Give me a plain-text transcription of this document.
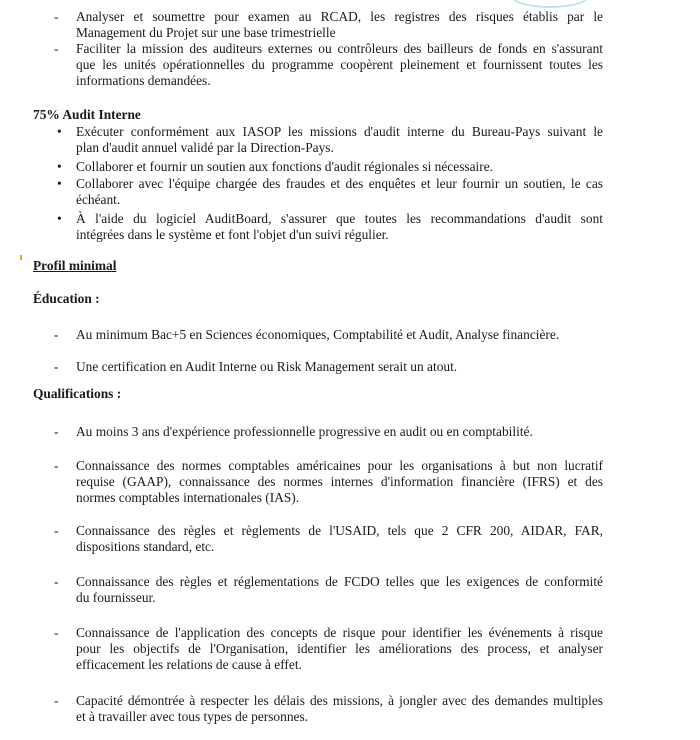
-	Analyser et soumettre pour examen au RCAD, les registres des risques établis par le
Management du Projet sur une base trimestrielle
-	Faciliter la mission des auditeurs externes ou contrôleurs des bailleurs de fonds en s'assurant
que les unités opérationnelles du programme coopèrent pleinement et fournissent toutes les
informations demandées.
75% Audit Interne
•	Exécuter conformément aux IASOP les missions d'audit interne du Bureau-Pays suivant le
plan d'audit annuel validé par la Direction-Pays.
•	Collaborer et fournir un soutien aux fonctions d'audit régionales si nécessaire.
•	Collaborer avec l'équipe chargée des fraudes et des enquêtes et leur fournir un soutien, le cas
échéant.
•	À l'aide du logiciel AuditBoard, s'assurer que toutes les recommandations d'audit sont
intégrées dans le système et font l'objet d'un suivi régulier.
Profil minimal
Éducation :
-	Au minimum Bac+5 en Sciences économiques, Comptabilité et Audit, Analyse financière.
-	Une certification en Audit Interne ou Risk Management serait un atout.
Qualifications :
-	Au moins 3 ans d'expérience professionnelle progressive en audit ou en comptabilité.
-	Connaissance des normes comptables américaines pour les organisations à but non lucratif
requise (GAAP), connaissance des normes internes d'information financière (IFRS) et des
normes comptables internationales (IAS).
-	Connaissance des règles et règlements de l'USAID, tels que 2 CFR 200, AIDAR, FAR,
dispositions standard, etc.
-	Connaissance des règles et réglementations de FCDO telles que les exigences de conformité
du fournisseur.
-	Connaissance de l'application des concepts de risque pour identifier les événements à risque
pour les objectifs de l'Organisation, identifier les améliorations des process, et analyser
efficacement les relations de cause à effet.
-	Capacité démontrée à respecter les délais des missions, à jongler avec des demandes multiples
et à travailler avec tous types de personnes.
